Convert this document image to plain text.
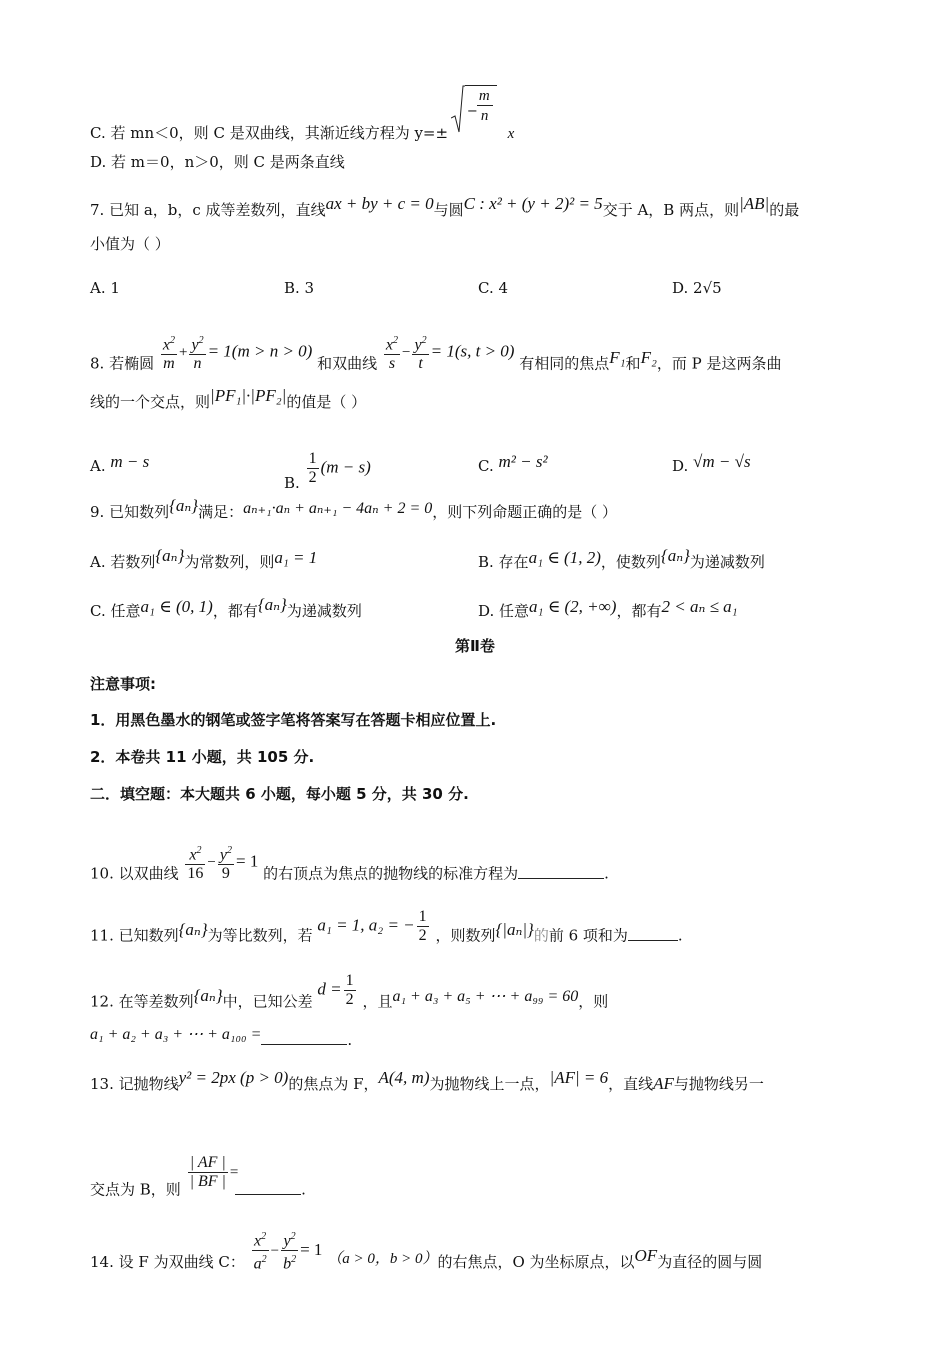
C. 若 mn＜0，则 C 是双曲线，其渐近线方程为 y=±
−
m
n
x
D. 若 m＝0，n＞0，则 C 是两条直线
7. 已知 a，b，c 成等差数列，直线ax + by + c = 0与圆C : x² + (y + 2)² = 5交于 A，B 两点，则|AB|的最
小值为（ ）
A. 1	B. 3	C. 4	D. 2√5
8. 若椭圆 $\frac{x^2}{m} + \frac{y^2}{n} = 1(m > n > 0)$ 和双曲线 $\frac{x^2}{s} - \frac{y^2}{t} = 1(s$, t > 0) 有相同的焦点F₁和F₂，而 P 是这两条曲
线的一个交点，则|PF₁|·|PF₂|的值是（ ）
A. m − s
B. $\frac{1}{2} (m - s)$	C. m² − s²	D. √m − √s
9. 已知数列{aₙ}满足：aₙ₊₁·aₙ + aₙ₊₁ − 4aₙ + 2 = 0，则下列命题正确的是（ ）
A. 若数列{aₙ}为常数列，则a₁ = 1	B. 存在a₁ ∈ (1, 2)，使数列{aₙ}为递减数列
C. 任意a₁ ∈ (0, 1)，都有{aₙ}为递减数列	D. 任意a₁ ∈ (2, +∞)，都有2 < aₙ ≤ a₁
第Ⅱ卷
注意事项:
1．用黑色墨水的钢笔或签字笔将答案写在答题卡相应位置上.
2．本卷共 11 小题，共 105 分.
二．填空题：本大题共 6 小题，每小题 5 分，共 30 分.
10. 以双曲线 $\frac{x^2}{16} - \frac{y^2}{9} = 1$ 的右顶点为焦点的抛物线的标准方程为	.
11. 已知数列{aₙ}为等比数列，若 a₁ = 1, a₂ = − $\frac{1}{2}$ ，则数列{|aₙ|}的前 6 项和为	.
12. 在等差数列{aₙ}中，已知公差 $d = \frac{1}{2}$ ，且a₁ + a₃ + a₅ + ⋯ + a₉₉ = 60，则
a₁ + a₂ + a₃ + ⋯ + a₁₀₀ =	.
13. 记抛物线y² = 2px (p > 0)的焦点为 F，A(4, m)为抛物线上一点，|AF| = 6，直线AF与抛物线另一
交点为 B，则 $\frac{| AF |}{| BF |}$ = .
14. 设 F 为双曲线 C： $\frac{x^2}{a^2} - \frac{y^2}{b^2} = 1$ （a > 0，b > 0）的右焦点，O 为坐标原点，以OF为直径的圆与圆
